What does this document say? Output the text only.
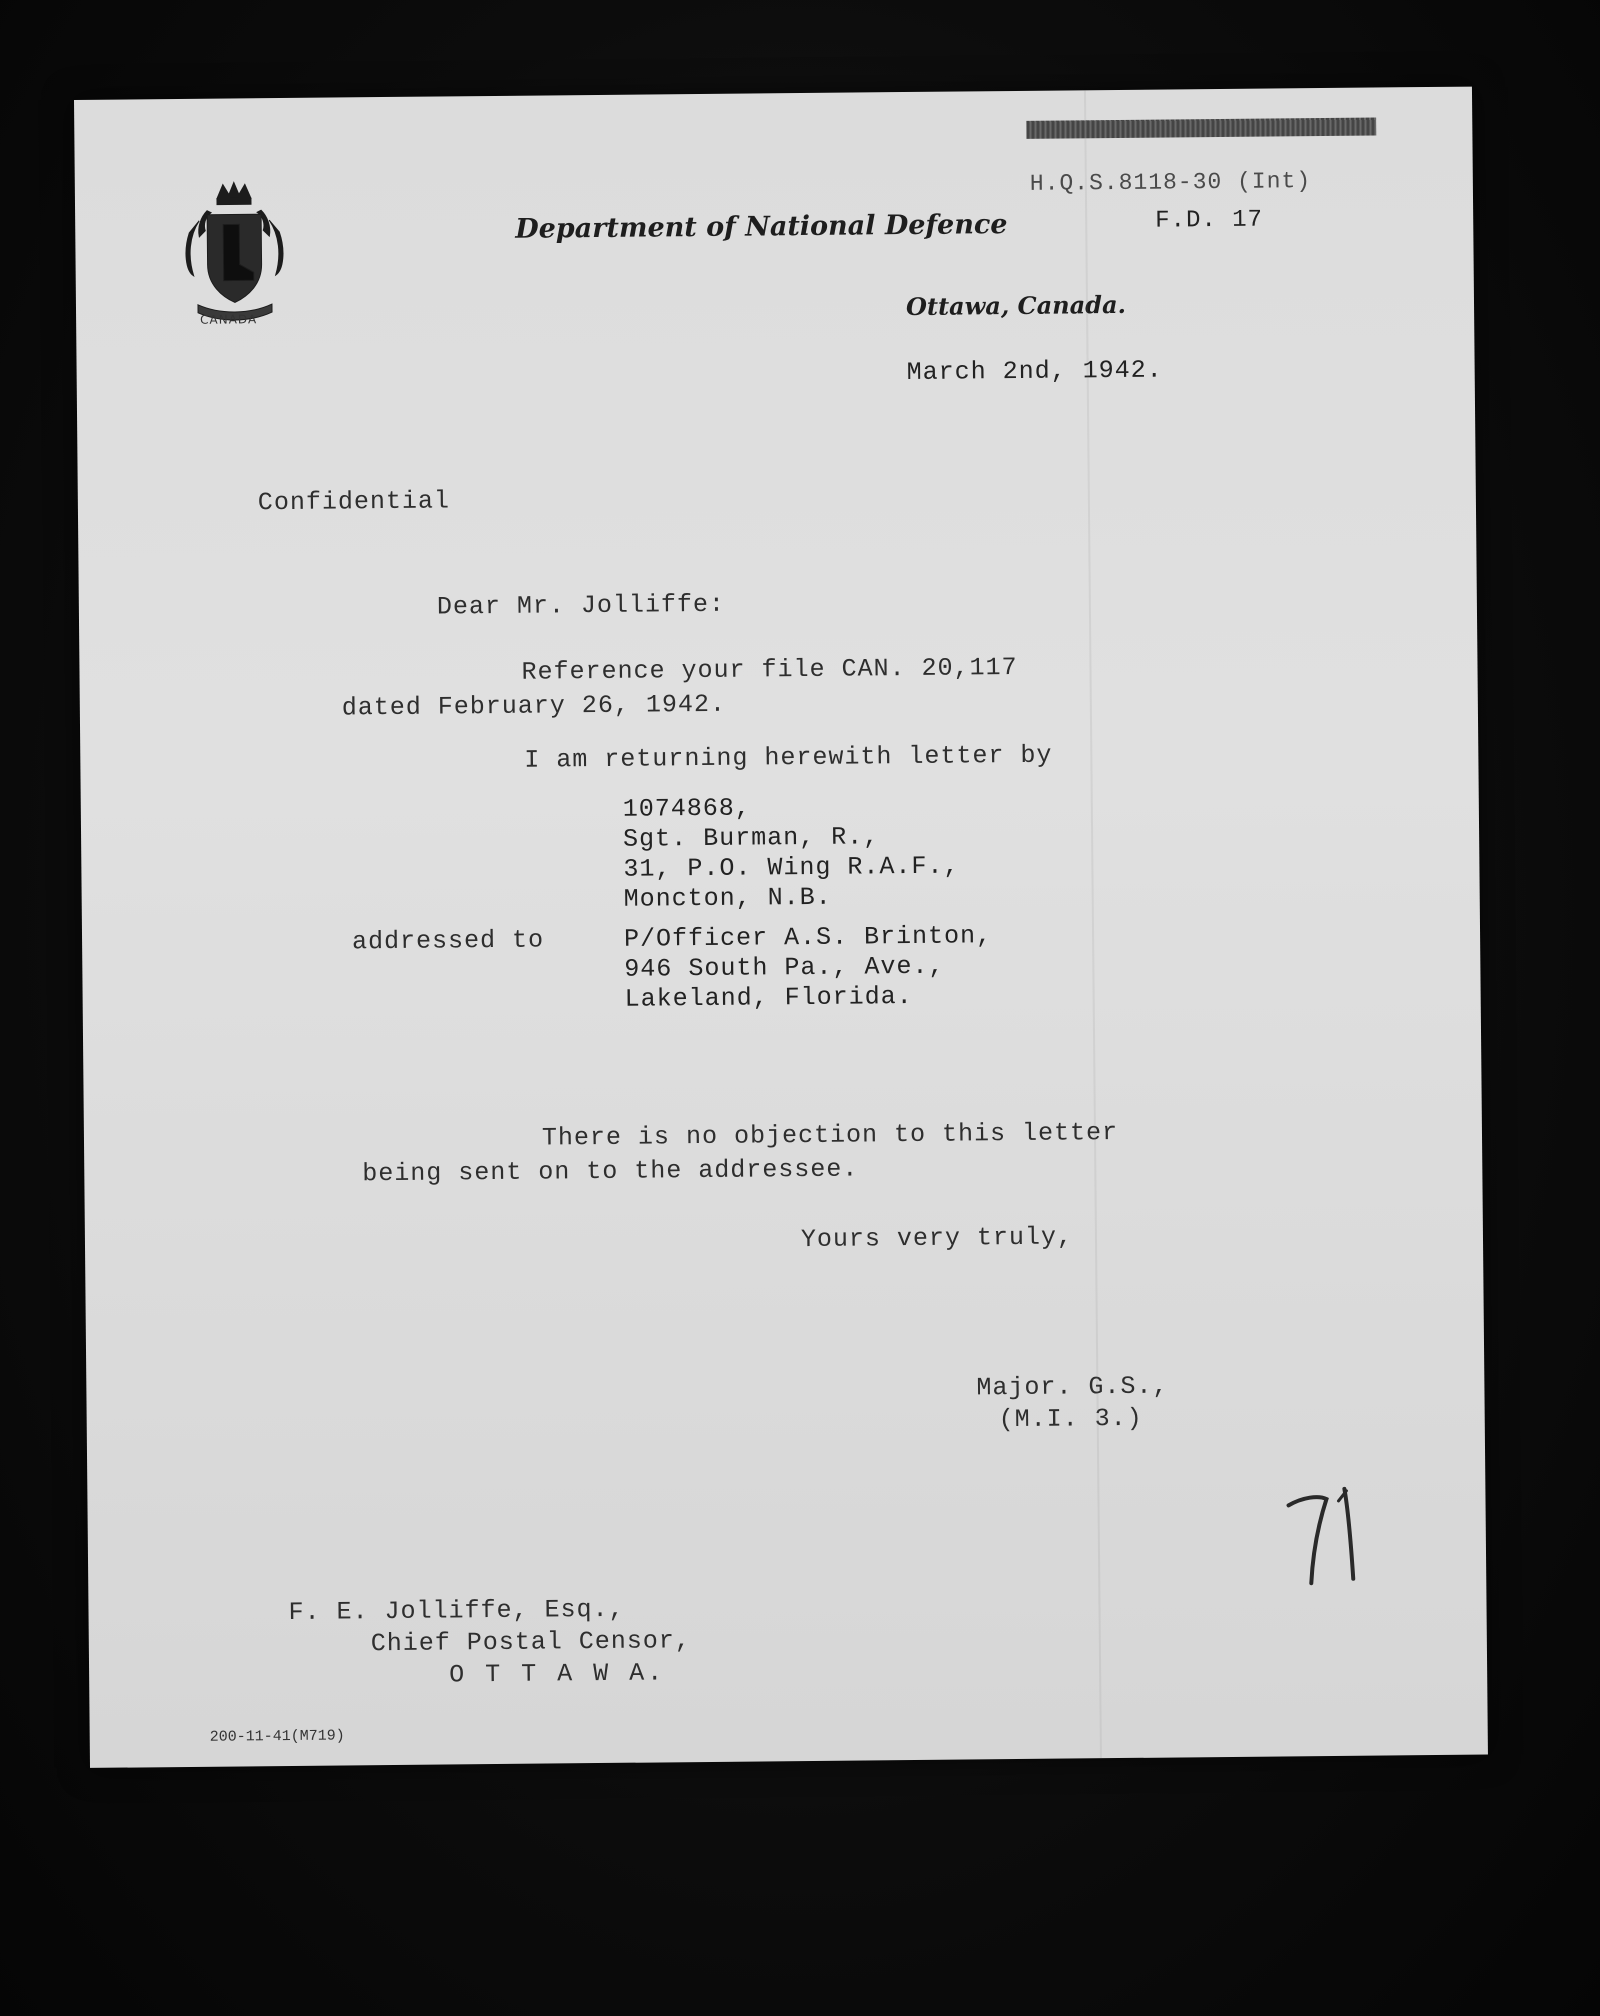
H.Q.S.8118-30 (Int)
F.D. 17
CANADA
Department of National Defence
Ottawa, Canada.
March 2nd, 1942.
Confidential
Dear Mr. Jolliffe:
Reference your file CAN. 20,117
dated February 26, 1942.
I am returning herewith letter by
1074868,
Sgt. Burman, R.,
31, P.O. Wing R.A.F.,
Moncton, N.B.
addressed to	P/Officer A.S. Brinton,
946 South Pa., Ave.,
Lakeland, Florida.
There is no objection to this letter
being sent on to the addressee.
Yours very truly,
Major. G.S.,
(M.I. 3.)
F. E. Jolliffe, Esq.,
Chief Postal Censor,
O T T A W A.
200-11-41(M719)
